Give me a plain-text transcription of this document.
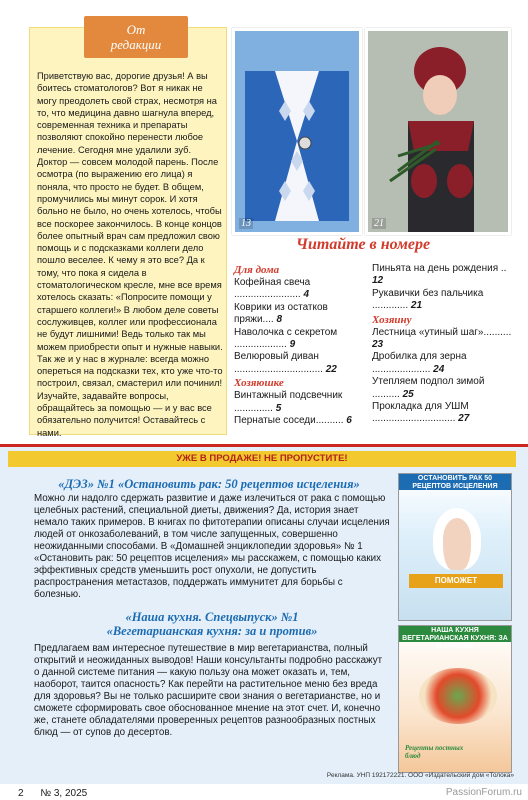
От
редакции
Приветствую вас, дорогие друзья! А вы боитесь стоматологов? Вот я никак не могу преодолеть свой страх, несмотря на то, что медицина давно шагнула вперед, современная техника и препараты позволяют спокойно перенести любое лечение. Сегодня мне удалили зуб. Доктор — совсем молодой парень. После осмотра (по выражению его лица) я поняла, что просто не будет. В общем, промучились мы минут сорок. И хотя больно не было, но очень хотелось, чтобы все поскорее закончилось. В конце концов более опытный врач сам предложил свою помощь и с подсказками коллеги дело пошло веселее. К чему я это все? Да к тому, что пока я сидела в стоматологическом кресле, мне все время хотелось сказать: «Попросите помощи у старшего коллеги!» В любом деле советы сослуживцев, коллег или профессионала не будут лишними! Ведь только так мы можем приобрести опыт и нужные навыки. Так же и у нас в журнале: всегда можно опереться на подсказки тех, кто уже что-то построил, связал, смастерил или починил! Изучайте, задавайте вопросы, обращайтесь за помощью — и у вас все обязательно получится! Оставайтесь с нами.
13	21
Читайте в номере
Для дома
Кофейная свеча ........................ 4
Коврики из остатков пряжи.... 8
Наволочка с секретом ................... 9
Велюровый диван ................................ 22
Хозяюшке
Винтажный подсвечник .............. 5
Пернатые соседи.......... 6
Пиньята на день рождения .. 12
Рукавички без пальчика ............. 21
Хозяину
Лестница «утиный шаг».......... 23
Дробилка для зерна ..................... 24
Утепляем подпол зимой .......... 25
Прокладка для УШМ .............................. 27
УЖЕ В ПРОДАЖЕ! НЕ ПРОПУСТИТЕ!
«ДЭЗ» №1 «Остановить рак: 50 рецептов исцеления»
Можно ли надолго сдержать развитие и даже излечиться от рака с помощью целебных растений, специальной диеты, движения? Да, история знает немало таких примеров. В книгах по фитотерапии описаны случаи исцеления людей от онкозаболеваний, в том числе запущенных, совершенно неожиданными способами. В «Домашней энциклопедии здоровья» № 1 «Остановить рак: 50 рецептов исцеления» мы расскажем, с помощью каких эффективных средств уменьшить рост опухоли, не допустить распространения метастазов, поддержать иммунитет для борьбы с болезнью.
«Наша кухня. Спецвыпуск» №1
«Вегетарианская кухня: за и против»
Предлагаем вам интересное путешествие в мир вегетарианства, полный открытий и неожиданных выводов! Наши консультанты подробно расскажут о данной системе питания — какую пользу она может оказать и, тем, наоборот, таится опасность? Как перейти на растительное меню без вреда для здоровья? Вы не только расширите свои знания о вегетарианстве, но и сможете сформировать свое обоснованное мнение на этот счет. И, конечно же, станете обладателями проверенных рецептов разнообразных постных блюд — от супов до десертов.
ОСТАНОВИТЬ РАК 50 РЕЦЕПТОВ ИСЦЕЛЕНИЯ
ПОМОЖЕТ
НАША КУХНЯ ВЕГЕТАРИАНСКАЯ КУХНЯ: ЗА И ПРОТИВ
Рецепты постных блюд
Реклама. УНП 192172221. ООО «Издательский дом «Толока»
2 № 3, 2025	PassionForum.ru
